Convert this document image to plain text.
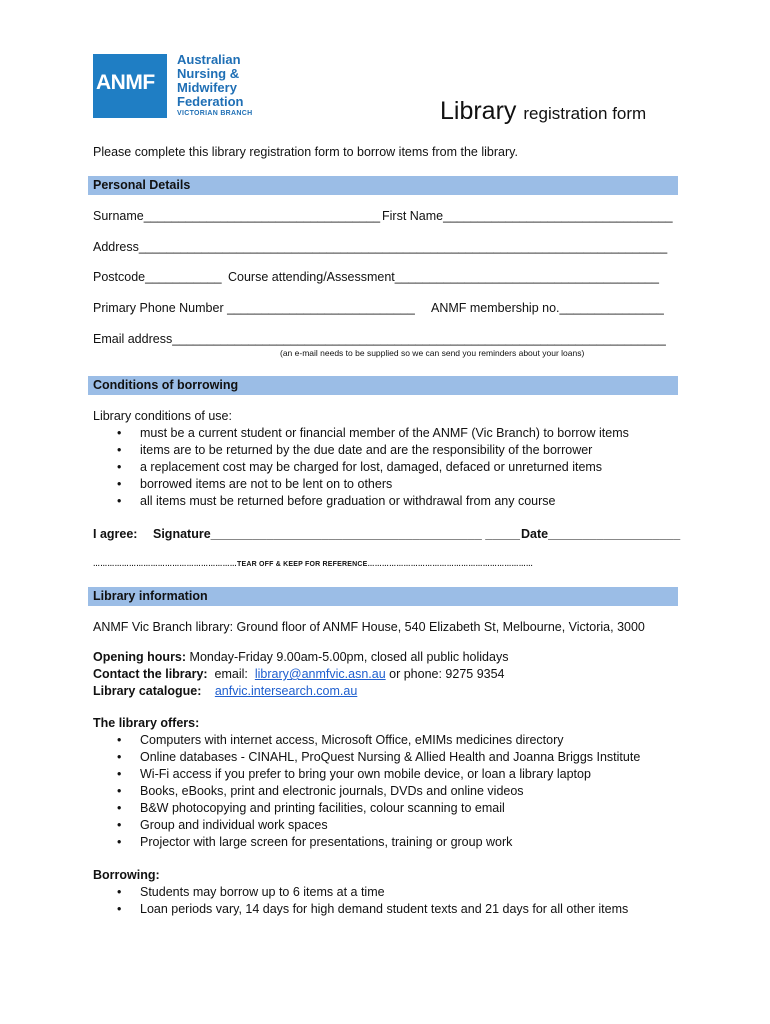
ANMF
Australian
Nursing &
Midwifery
Federation
VICTORIAN BRANCH	Library registration form
Please complete this library registration form to borrow items from the library.
Personal Details
Surname__________________________________ First Name_________________________________
Address____________________________________________________________________________
Postcode___________ Course attending/Assessment______________________________________
Primary Phone Number ___________________________ ANMF membership no._______________
Email address_______________________________________________________________________
(an e-mail needs to be supplied so we can send you reminders about your loans)
Conditions of borrowing
Library conditions of use:
• must be a current student or financial member of the ANMF (Vic Branch) to borrow items
• items are to be returned by the due date and are the responsibility of the borrower
• a replacement cost may be charged for lost, damaged, defaced or unreturned items
• borrowed items are not to be lent on to others
• all items must be returned before graduation or withdrawal from any course
I agree: Signature_______________________________________ _____ Date___________________
……………………………………………………TEAR OFF & KEEP FOR REFERENCE……………………………………………………………
Library information
ANMF Vic Branch library: Ground floor of ANMF House, 540 Elizabeth St, Melbourne, Victoria, 3000
Opening hours: Monday-Friday 9.00am-5.00pm, closed all public holidays
Contact the library:  email:  library@anmfvic.asn.au or phone: 9275 9354
Library catalogue: anfvic.intersearch.com.au
The library offers:
• Computers with internet access, Microsoft Office, eMIMs medicines directory
• Online databases - CINAHL, ProQuest Nursing & Allied Health and Joanna Briggs Institute
• Wi-Fi access if you prefer to bring your own mobile device, or loan a library laptop
• Books, eBooks, print and electronic journals, DVDs and online videos
• B&W photocopying and printing facilities, colour scanning to email
• Group and individual work spaces
• Projector with large screen for presentations, training or group work
Borrowing:
• Students may borrow up to 6 items at a time
• Loan periods vary, 14 days for high demand student texts and 21 days for all other items
